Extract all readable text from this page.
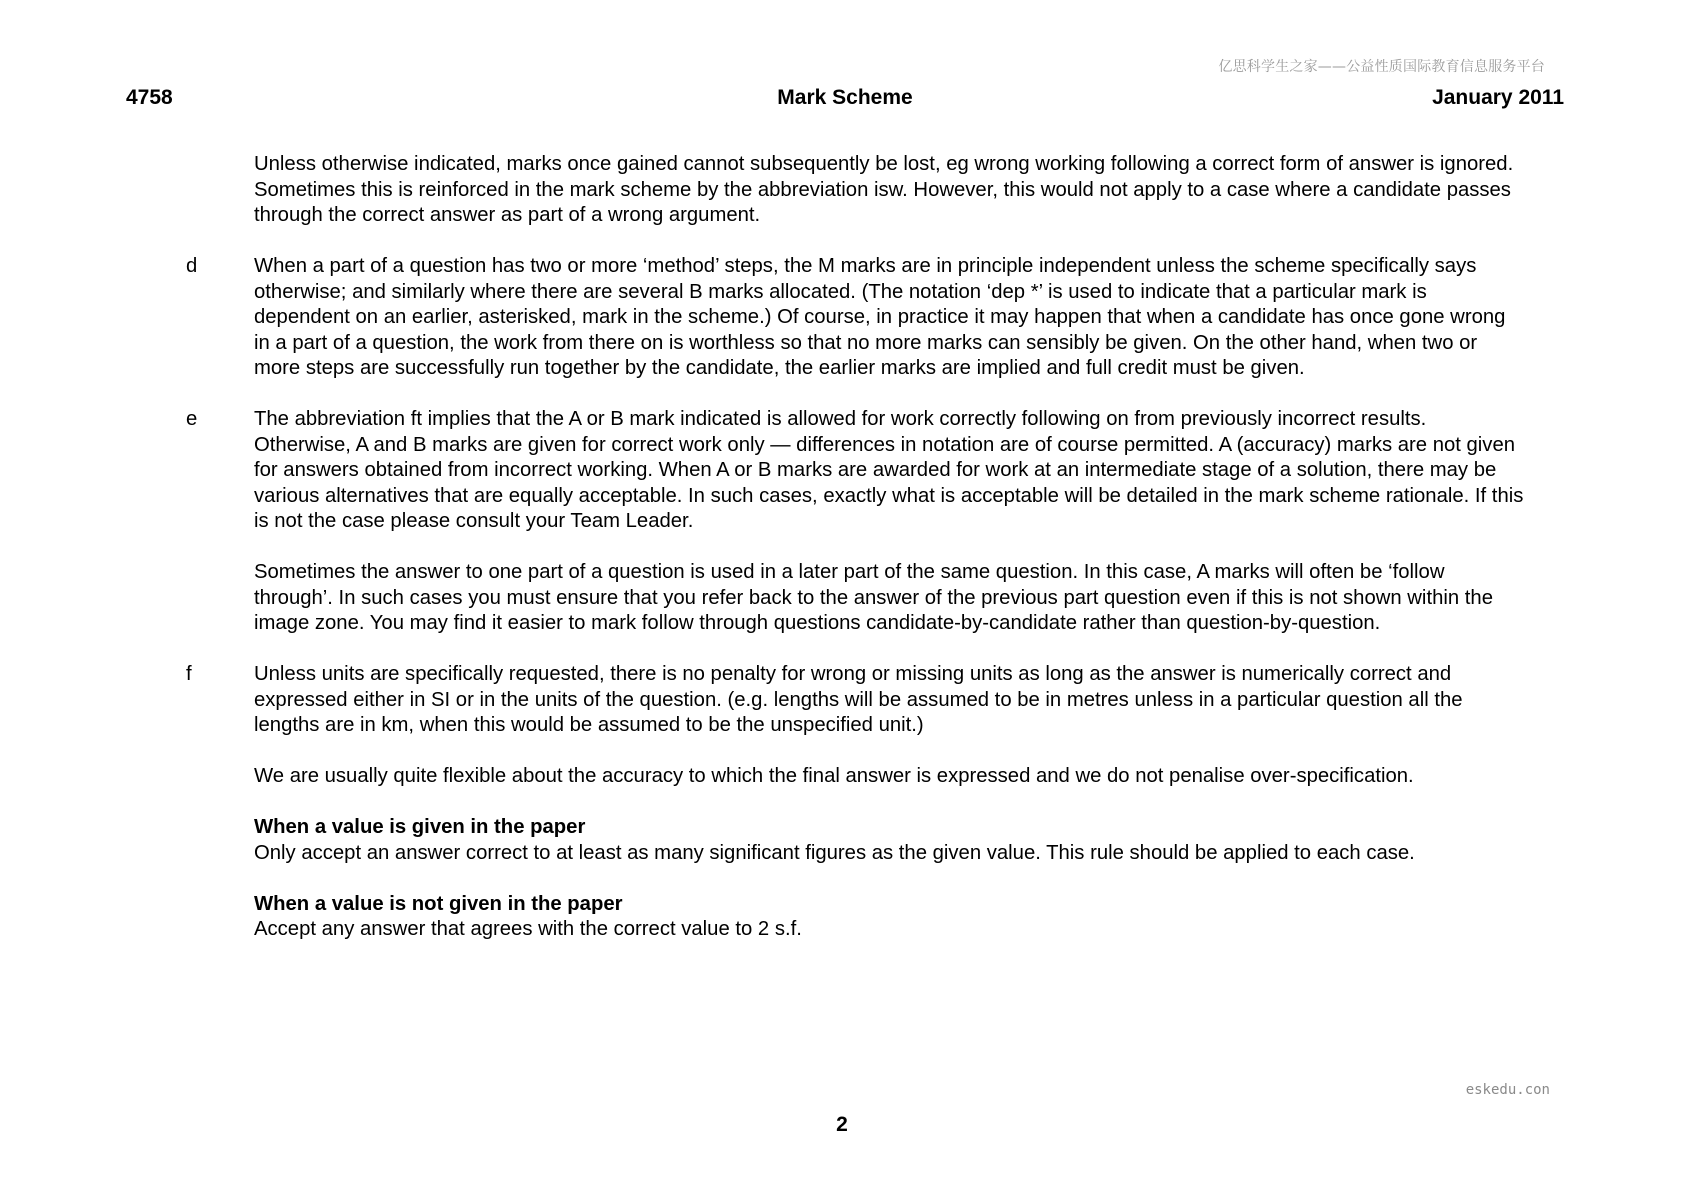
亿思科学生之家——公益性质国际教育信息服务平台
4758	Mark Scheme	January 2011

Unless otherwise indicated, marks once gained cannot subsequently be lost, eg wrong working following a correct form of answer is ignored. Sometimes this is reinforced in the mark scheme by the abbreviation isw. However, this would not apply to a case where a candidate passes through the correct answer as part of a wrong argument.

d	When a part of a question has two or more ‘method’ steps, the M marks are in principle independent unless the scheme specifically says otherwise; and similarly where there are several B marks allocated. (The notation ‘dep *’ is used to indicate that a particular mark is dependent on an earlier, asterisked, mark in the scheme.) Of course, in practice it may happen that when a candidate has once gone wrong in a part of a question, the work from there on is worthless so that no more marks can sensibly be given. On the other hand, when two or more steps are successfully run together by the candidate, the earlier marks are implied and full credit must be given.

e	The abbreviation ft implies that the A or B mark indicated is allowed for work correctly following on from previously incorrect results. Otherwise, A and B marks are given for correct work only — differences in notation are of course permitted. A (accuracy) marks are not given for answers obtained from incorrect working. When A or B marks are awarded for work at an intermediate stage of a solution, there may be various alternatives that are equally acceptable. In such cases, exactly what is acceptable will be detailed in the mark scheme rationale. If this is not the case please consult your Team Leader.

Sometimes the answer to one part of a question is used in a later part of the same question. In this case, A marks will often be ‘follow through’. In such cases you must ensure that you refer back to the answer of the previous part question even if this is not shown within the image zone. You may find it easier to mark follow through questions candidate-by-candidate rather than question-by-question.

f	Unless units are specifically requested, there is no penalty for wrong or missing units as long as the answer is numerically correct and expressed either in SI or in the units of the question. (e.g. lengths will be assumed to be in metres unless in a particular question all the lengths are in km, when this would be assumed to be the unspecified unit.)

We are usually quite flexible about the accuracy to which the final answer is expressed and we do not penalise over-specification.

When a value is given in the paper
Only accept an answer correct to at least as many significant figures as the given value. This rule should be applied to each case.

When a value is not given in the paper
Accept any answer that agrees with the correct value to 2 s.f.

eskedu.con
2
